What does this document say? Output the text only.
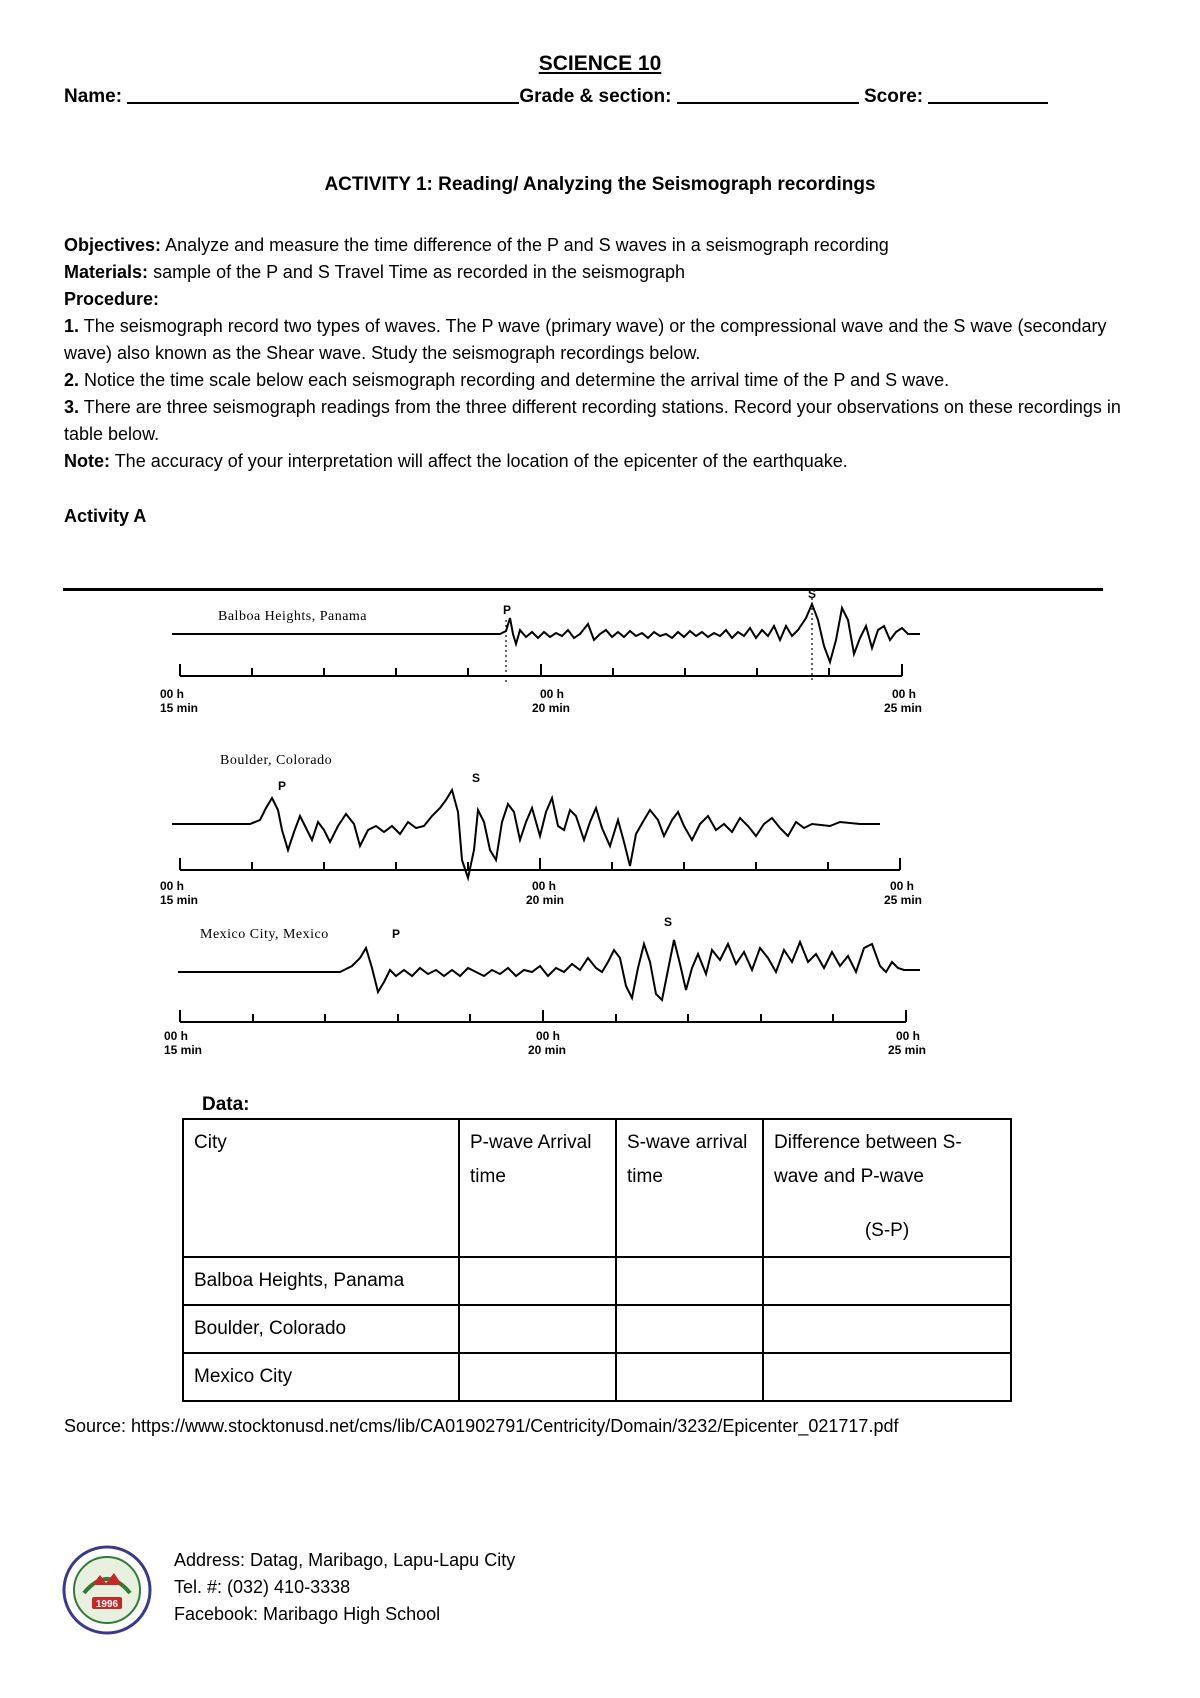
SCIENCE 10
Name:	Grade & section:	Score:
ACTIVITY 1: Reading/ Analyzing the Seismograph recordings
Objectives: Analyze and measure the time difference of the P and S waves in a seismograph recording
Materials: sample of the P and S Travel Time as recorded in the seismograph
Procedure:
1. The seismograph record two types of waves. The P wave (primary wave) or the compressional wave and the S wave (secondary wave) also known as the Shear wave. Study the seismograph recordings below.
2. Notice the time scale below each seismograph recording and determine the arrival time of the P and S wave.
3. There are three seismograph readings from the three different recording stations. Record your observations on these recordings in table below.
Note: The accuracy of your interpretation will affect the location of the epicenter of the earthquake.
Activity A
Balboa Heights, Panama	P
S
00 h
15 min
00 h
20 min
00 h
25 min
Boulder, Colorado
P
S
00 h
15 min
00 h
20 min
00 h
25 min
Mexico City, Mexico	P
S
00 h
15 min
00 h
20 min
00 h
25 min
Data:
City	P-wave Arrival time	S-wave arrival time	Difference between S-wave and P-wave
(S-P)

Balboa Heights, Panama			
Boulder, Colorado			
Mexico City			
Source: https://www.stocktonusd.net/cms/lib/CA01902791/Centricity/Domain/3232/Epicenter_021717.pdf
1996
Address: Datag, Maribago, Lapu-Lapu City
Tel. #: (032) 410-3338
Facebook: Maribago High School
